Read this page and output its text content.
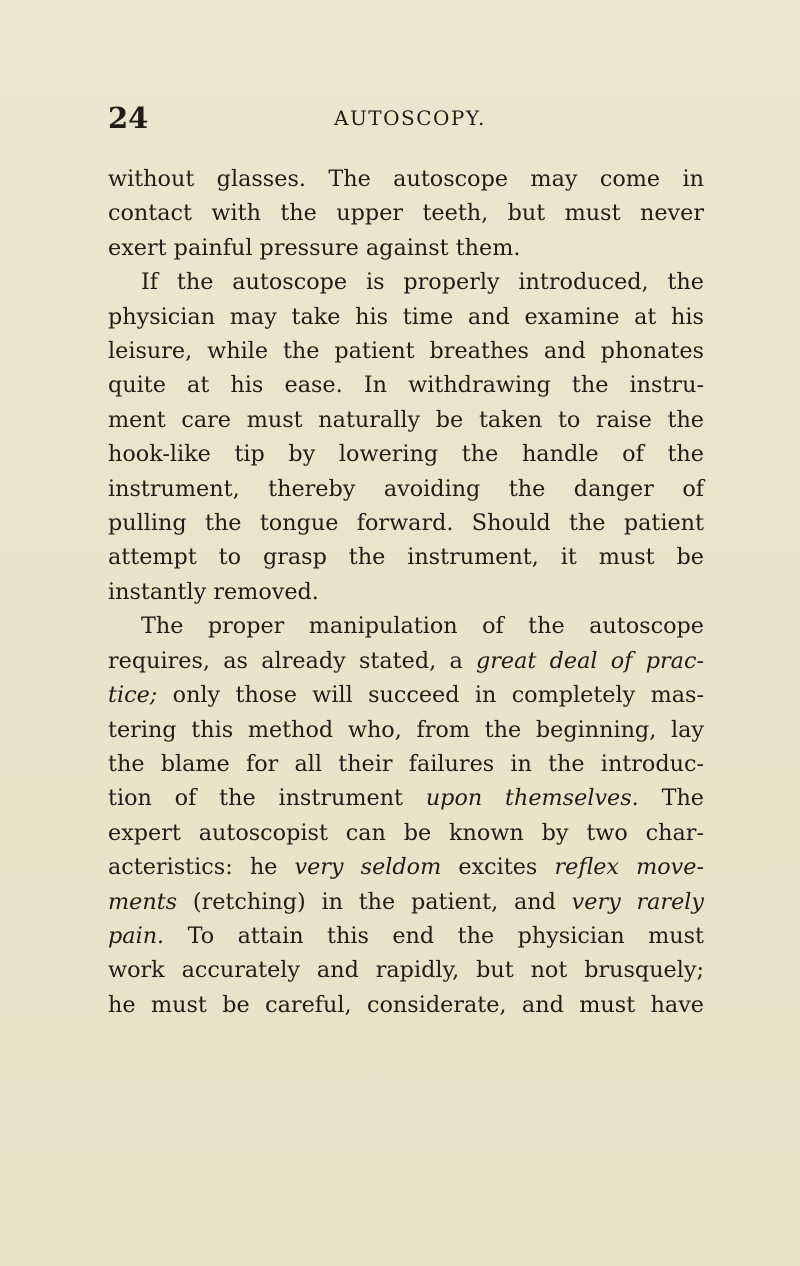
24	AUTOSCOPY.

without glasses. The autoscope may come in
contact with the upper teeth, but must never
exert painful pressure against them.

If the autoscope is properly introduced, the
physician may take his time and examine at his
leisure, while the patient breathes and phonates
quite at his ease. In withdrawing the instru-
ment care must naturally be taken to raise the
hook-like tip by lowering the handle of the
instrument, thereby avoiding the danger of
pulling the tongue forward. Should the patient
attempt to grasp the instrument, it must be
instantly removed.

The proper manipulation of the autoscope
requires, as already stated, a great deal of prac-
tice; only those will succeed in completely mas-
tering this method who, from the beginning, lay
the blame for all their failures in the introduc-
tion of the instrument upon themselves. The
expert autoscopist can be known by two char-
acteristics: he very seldom excites reflex move-
ments (retching) in the patient, and very rarely
pain. To attain this end the physician must
work accurately and rapidly, but not brusquely;
he must be careful, considerate, and must have
